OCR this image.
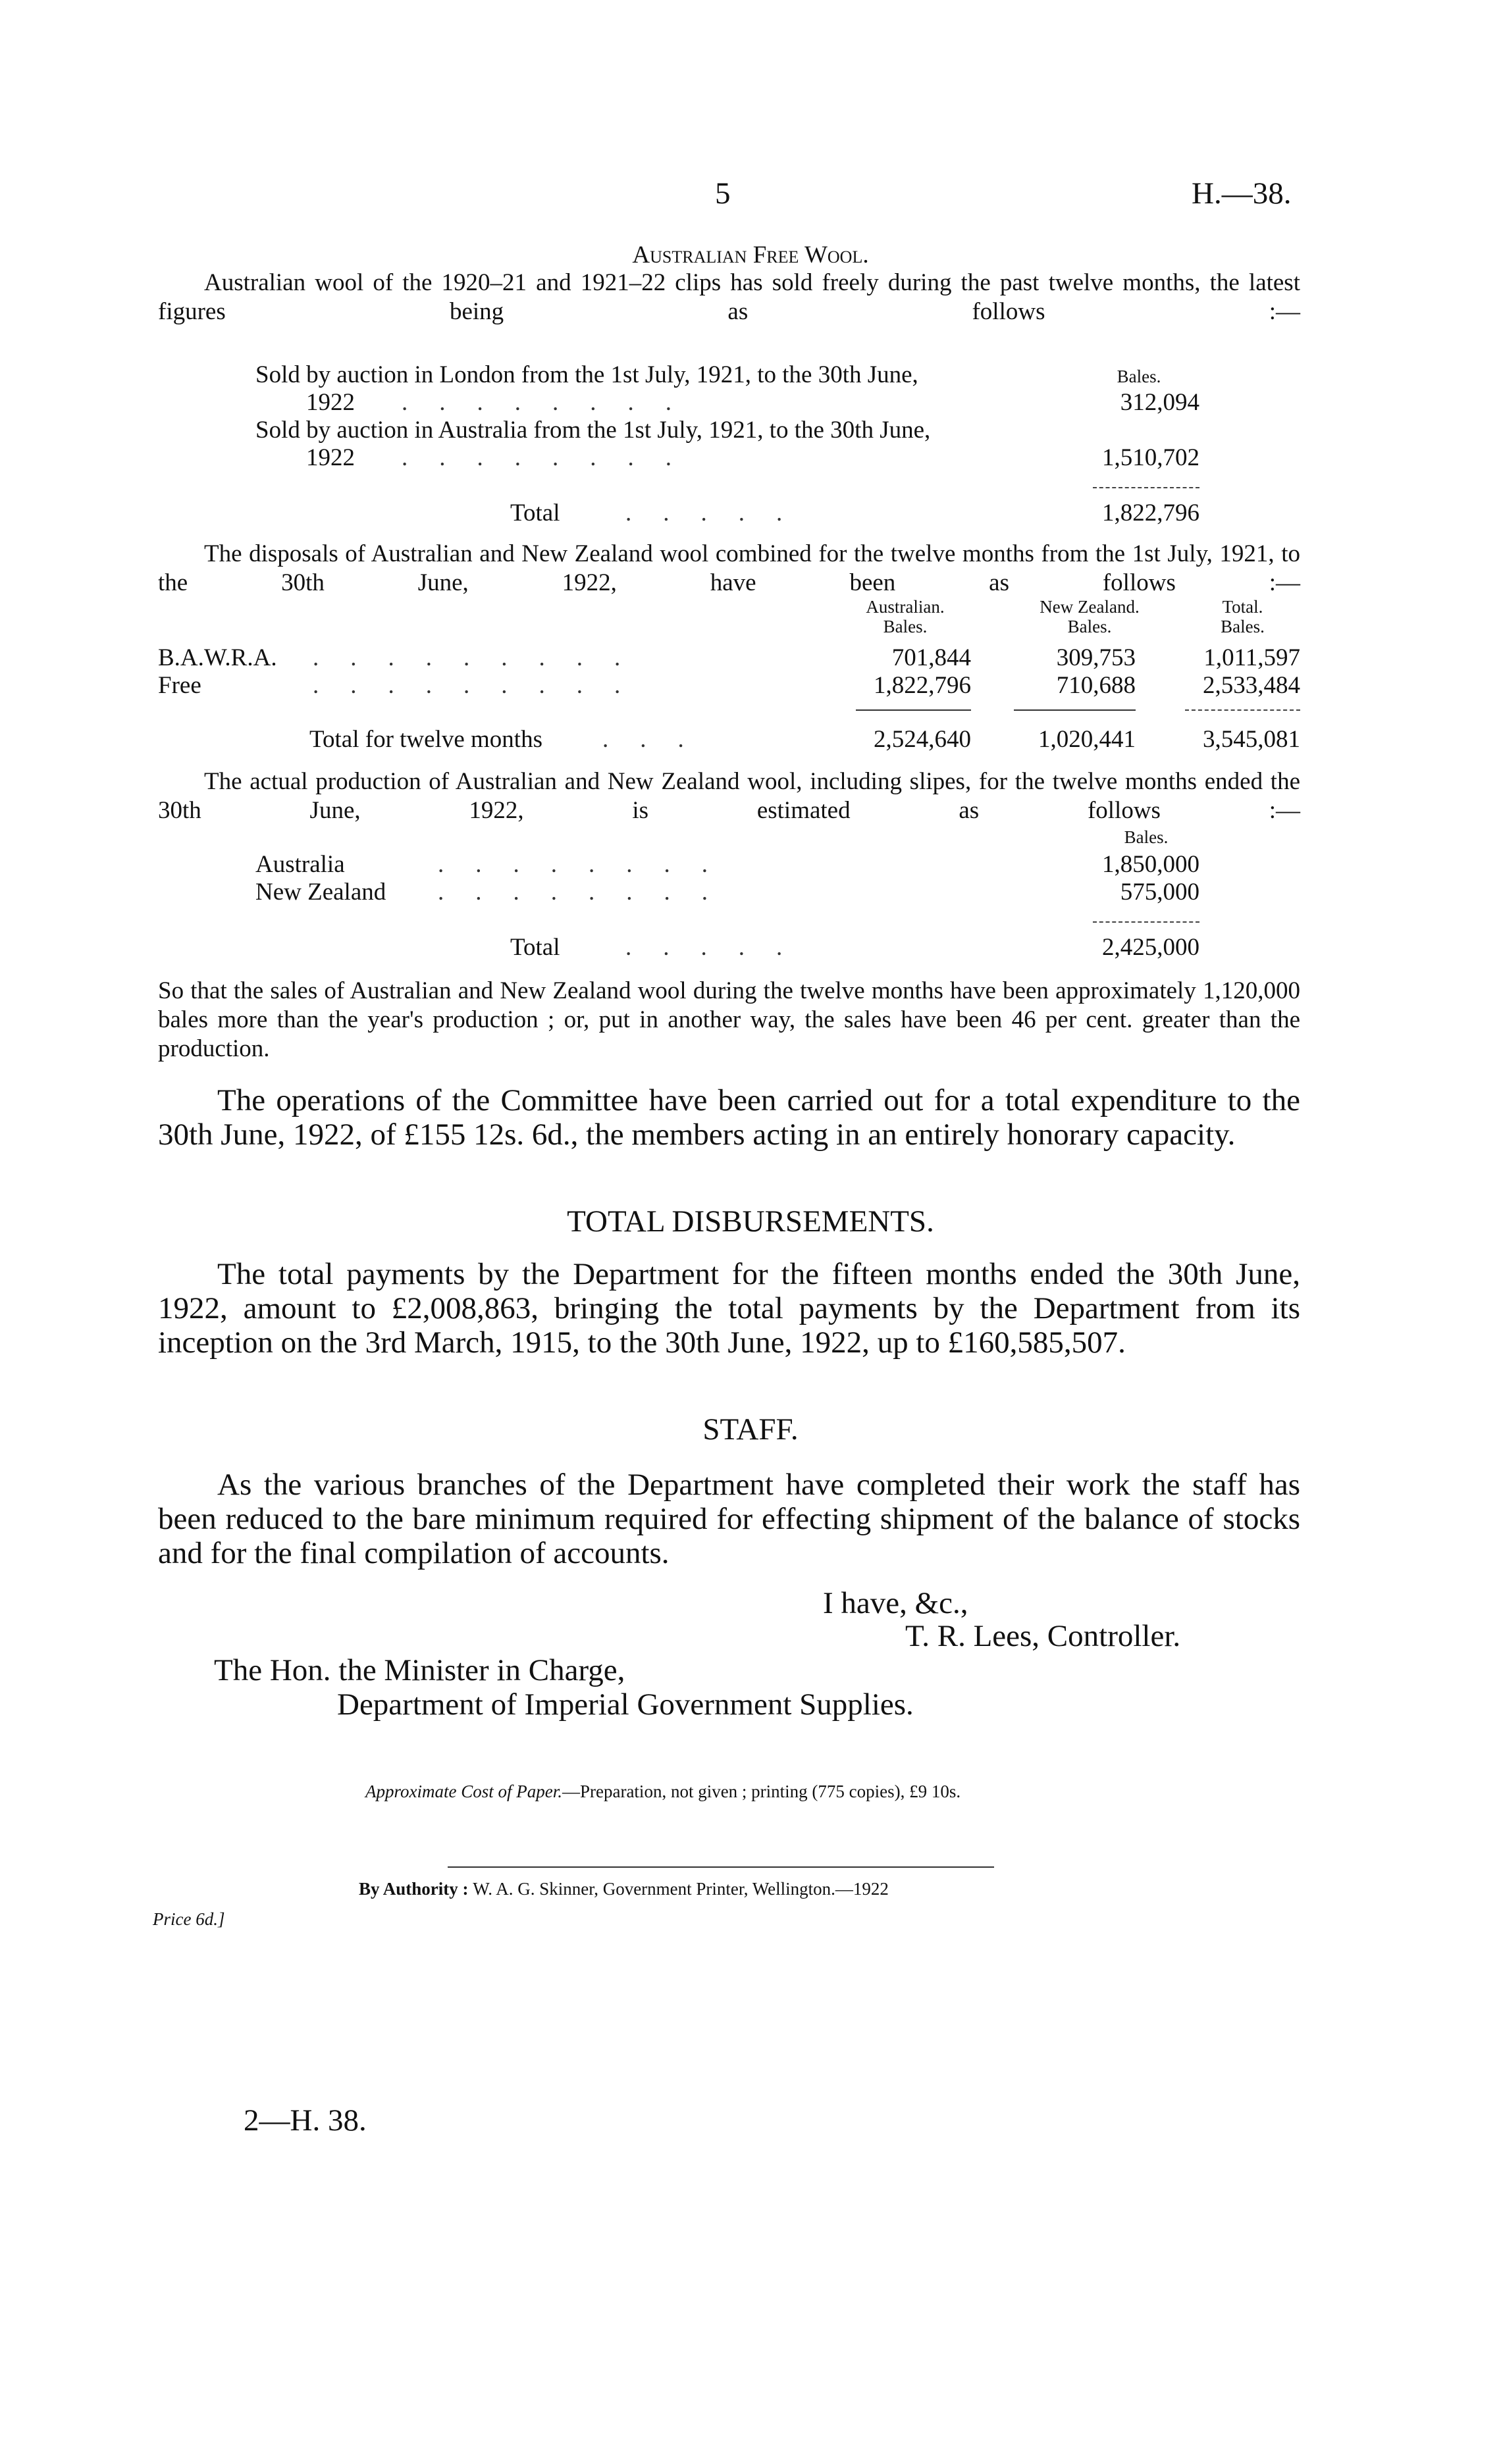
5	H.—38.
Australian Free Wool.
Australian wool of the 1920–21 and 1921–22 clips has sold freely during the past twelve months, the latest figures being as follows :—
Bales.
Sold by auction in London from the 1st July, 1921, to the 30th June,
1922 ........	312,094
Sold by auction in Australia from the 1st July, 1921, to the 30th June,
1922 ........	1,510,702
Total	.....	1,822,796
The disposals of Australian and New Zealand wool combined for the twelve months from the 1st July, 1921, to the 30th June, 1922, have been as follows :—
Australian.
Bales.
New Zealand.
Bales.
Total.
Bales.
B.A.W.R.A. .........	701,844	309,753	1,011,597
Free	.........	1,822,796	710,688	2,533,484
Total for twelve months ...	2,524,640	1,020,441	3,545,081
The actual production of Australian and New Zealand wool, including slipes, for the twelve months ended the 30th June, 1922, is estimated as follows :—
Bales.
Australia	........	1,850,000
New Zealand ........	575,000
Total	.....	2,425,000
So that the sales of Australian and New Zealand wool during the twelve months have been approximately 1,120,000 bales more than the year's production ; or, put in another way, the sales have been 46 per cent. greater than the production.
The operations of the Committee have been carried out for a total expenditure to the 30th June, 1922, of £155 12s. 6d., the members acting in an entirely honorary capacity.
TOTAL DISBURSEMENTS.
The total payments by the Department for the fifteen months ended the 30th June, 1922, amount to £2,008,863, bringing the total payments by the Department from its inception on the 3rd March, 1915, to the 30th June, 1922, up to £160,585,507.
STAFF.
As the various branches of the Department have completed their work the staff has been reduced to the bare minimum required for effecting shipment of the balance of stocks and for the final compilation of accounts.
I have, &c.,
T. R. Lees, Controller.
The Hon. the Minister in Charge,
Department of Imperial Government Supplies.
Approximate Cost of Paper.—Preparation, not given ; printing (775 copies), £9 10s.
By Authority : W. A. G. Skinner, Government Printer, Wellington.—1922
Price 6d.]
2—H. 38.
